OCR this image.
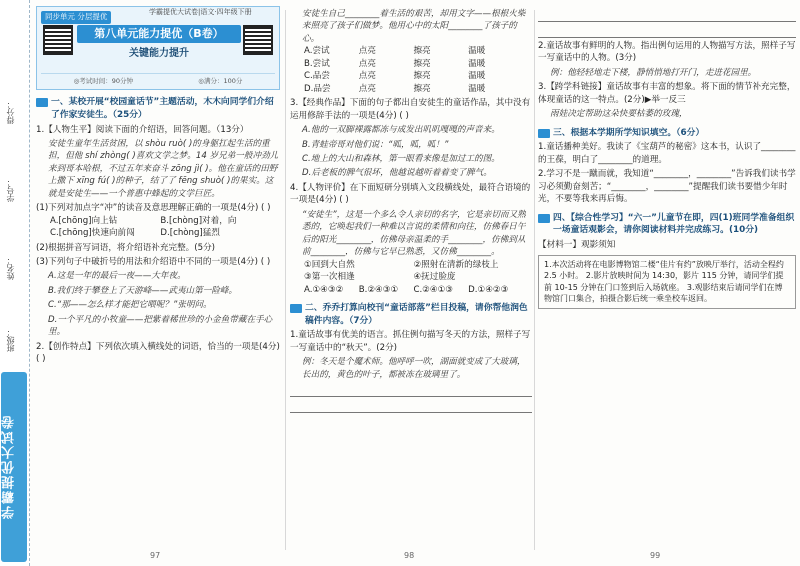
得分：
学号：
姓名：
班级：
学霸提优大试卷
同步单元 分层提优	学霸提优大试卷|语文·四年级下册
第八单元能力提优（B卷）
关键能力提升
◎考试时间：90分钟	◎满分：100分
一、某校开展“校园童话节”主题活动，木木向同学们介绍了作家安徒生。（25分）
1.【人物生平】阅读下面的介绍语，回答问题。（13分）
安徒生童年生活贫困，以 shòu ruò( )的身躯扛起生活的重担，但他 shí zhòng( )喜欢文学之梦。14 岁兄弟一般冲劲儿来到哥本哈根，不过五年来奋斗 zōng jì( )。他在童话的田野上撒下 xīng fú( )的种子，结了了 fēng shuò( )的果实。这就是安徒生——一个普惠中蜂起的文学巨匠。
(1)下列对加点字“冲”的读音及意思理解正确的一项是(4分) ( )
A.[chōng]向上钻	B.[chòng]对着，向
C.[chōng]快速向前闯	D.[chòng]猛烈
(2)根据拼音写词语，将介绍语补充完整。(5分)
(3)下列句子中破折号的用法和介绍语中不同的一项是(4分) ( )
A.这是一年的最后一夜——大年夜。
B.我们终于攀登上了天游峰——武夷山第一险峰。
C.“那——怎么样才能把它喂呢？”张明问。
D.一个平凡的小牧童——把紫着稀世珍的小金鱼带藏在手心里。
2.【创作特点】下列依次填入横线处的词语，恰当的一项是(4分) ( )
安徒生自己________着生活的艰苦，却用文字——根根火柴来照亮了孩子们做梦。他用心中的太阳________了孩子的心。
A.尝试	点亮	擦亮	温暖
B.尝试	点亮	擦亮	温暖
C.品尝	点亮	擦亮	温暖
D.品尝	点亮	擦亮	温暖
3.【经典作品】下面的句子都出自安徒生的童话作品，其中没有运用修辞手法的一项是(4分) ( )
A.他的一双脚裸露都冻与成发出叽叽嘎嘎的声音来。
B.青蛙帝哥对他们说：“呱，呱，呱！”
C.地上的大山和森林，第一眼看来像是加过工的图。
D.后老板的脾气很坏，他越说越听着着变了脾气。
4.【人物评价】在下面短研分别填入文段横线处，最符合语境的一项是(4分) ( )
“安徒生”，这是一个多么令人亲切的名字，它是亲切而又熟悉的，它唤起我们一种难以言说的柔情和向往，仿佛春日午后的阳光________，仿佛母亲温柔的手________，仿佛到从前________，仿佛与它早已熟悉，又仿佛________。
①回到大自然	②照射在清新的绿枝上
③第一次相逢	④抚过脸庞
A.①④③②	B.②④③①	C.②④①③	D.①④②③
二、乔乔打算向校刊“童话部落”栏目投稿，请你帮他润色稿件内容。（7分）
1.童话故事有优美的语言。抓住例句描写冬天的方法，照样子写一写童话中的“秋天”。(2分)
例：冬天是个魔术师。他呼呼一吹，湖面就变成了大玻璃，长出的，黄色的叶子，都被冻在玻璃里了。
2.童话故事有鲜明的人物。指出例句运用的人物描写方法，照样子写一写童话中的人物。(3分)
例：他轻轻地走下楼，静悄悄地打开门，走进花园里。
3.【跨学科链接】童话故事有丰富的想象。将下面的情节补充完整，体现童话的这一特点。(2分)▶举一反三
雨娃决定帮助这朵快要枯萎的玫瑰，
三、根据本学期所学知识填空。（6分）
1.童话播种美好。我读了《宝葫芦的秘密》这本书，认识了________的王葆，明白了________的道理。
2.学习不是一蹴而就，我知道“________，________”告诉我们读书学习必须勤奋刻苦；“________，________”提醒我们读书要惜少年时光，不要等我来再后悔。
四、【综合性学习】“六一”儿童节在即，四(1)班同学准备组织一场童话观影会，请你阅读材料并完成练习。(10分)
【材料一】观影须知
1.本次活动将在电影博物馆二楼“佳片有约”放映厅举行，活动全程约 2.5 小时。 2.影片放映时间为 14:30，影片 115 分钟，请同学们提前 10-15 分钟在门口签到后入场就座。 3.观影结束后请同学们在博物馆门口集合，拍摄合影后统一乘坐校车返回。
97	98	99
